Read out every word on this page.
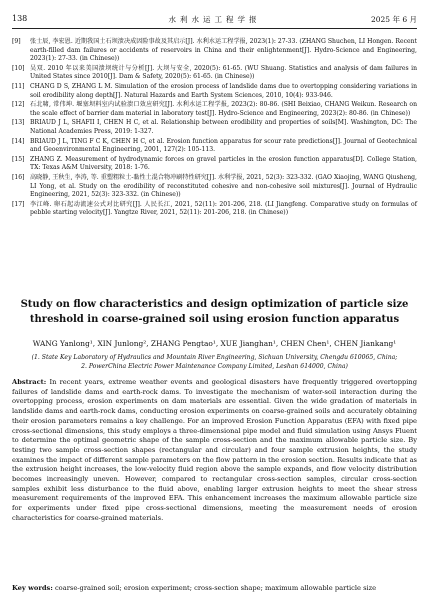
138	水利水运工程学报	2025 年 6 月
[9] 张士辰, 李宏恩. 近期我国土石坝溃决成因险事故及其启示[J]. 水利水运工程学报, 2023(1): 27-33. (ZHANG Shuchen, LI Hongen. Recent earth-filled dam failures or accidents of reservoirs in China and their enlightenment[J]. Hydro-Science and Engineering, 2023(1): 27-33. (in Chinese))
[10] 吴双. 2010 年以来美国溃坝统计与分析[J]. 大坝与安全, 2020(5): 61-65. (WU Shuang. Statistics and analysis of dam failures in United States since 2010[J]. Dam & Safety, 2020(5): 61-65. (in Chinese))
[11] CHANG D S, ZHANG L M. Simulation of the erosion process of landslide dams due to overtopping considering variations in soil erodibility along depth[J]. Natural Hazards and Earth System Sciences, 2010, 10(4): 933-946.
[12] 石北啸, 常伟坤. 堰塞坝料室内试验溃口效应研究[J]. 水利水运工程学报, 2023(2): 80-86. (SHI Beixiao, CHANG Weikun. Research on the scale effect of barrier dam material in laboratory test[J]. Hydro-Science and Engineering, 2023(2): 80-86. (in Chinese))
[13] BRIAUD J L, SHAFII I, CHEN H C, et al. Relationship between erodibility and properties of soils[M]. Washington, DC: The National Academies Press, 2019: 1-327.
[14] BRIAUD J L, TING F C K, CHEN H C, et al. Erosion function apparatus for scour rate predictions[J]. Journal of Geotechnical and Geoenvironmental Engineering, 2001, 127(2): 105-113.
[15] ZHANG Z. Measurement of hydrodynamic forces on gravel particles in the erosion function apparatus[D]. College Station, TX: Texas A&M University, 2018: 1-76.
[16] 高晓静, 王秋生, 李涛, 等. 重塑粗粒土-黏性土混合物冲刷特性研究[J]. 水利学报, 2021, 52(3): 323-332. (GAO Xiaojing, WANG Qiusheng, LI Yong, et al. Study on the erodibility of reconstituted cohesive and non-cohesive soil mixtures[J]. Journal of Hydraulic Engineering, 2021, 52(3): 323-332. (in Chinese))
[17] 李江峰. 卵石起动流速公式对比研究[J]. 人民长江, 2021, 52(11): 201-206, 218. (LI Jiangfeng. Comparative study on formulas of pebble starting velocity[J]. Yangtze River, 2021, 52(11): 201-206, 218. (in Chinese))
Study on flow characteristics and design optimization of particle size threshold in coarse-grained soil using erosion function apparatus
WANG Yanlong¹, XIN Junlong², ZHANG Pengtao¹, XUE Jianghan¹, CHEN Chen¹, CHEN Jiankang¹
(1. State Key Laboratory of Hydraulics and Mountain River Engineering, Sichuan University, Chengdu 610065, China;
2. PowerChina Electric Power Maintenance Company Limited, Leshan 614000, China)
Abstract: In recent years, extreme weather events and geological disasters have frequently triggered overtopping failures of landslide dams and earth-rock dams. To investigate the mechanism of water-soil interaction during the overtopping process, erosion experiments on dam materials are essential. Given the wide gradation of materials in landslide dams and earth-rock dams, conducting erosion experiments on coarse-grained soils and accurately obtaining their erosion parameters remains a key challenge. For an improved Erosion Function Apparatus (EFA) with fixed pipe cross-sectional dimensions, this study employs a three-dimensional pipe model and fluid simulation using Ansys Fluent to determine the optimal geometric shape of the sample cross-section and the maximum allowable particle size. By testing two sample cross-section shapes (rectangular and circular) and four sample extrusion heights, the study examines the impact of different sample parameters on the flow pattern in the erosion section. Results indicate that as the extrusion height increases, the low-velocity fluid region above the sample expands, and flow velocity distribution becomes increasingly uneven. However, compared to rectangular cross-section samples, circular cross-section samples exhibit less disturbance to the fluid above, enabling larger extrusion heights to meet the shear stress measurement requirements of the improved EFA. This enhancement increases the maximum allowable particle size for experiments under fixed pipe cross-sectional dimensions, meeting the measurement needs of erosion characteristics for coarse-grained materials.
Key words: coarse-grained soil; erosion experiment; cross-section shape; maximum allowable particle size
